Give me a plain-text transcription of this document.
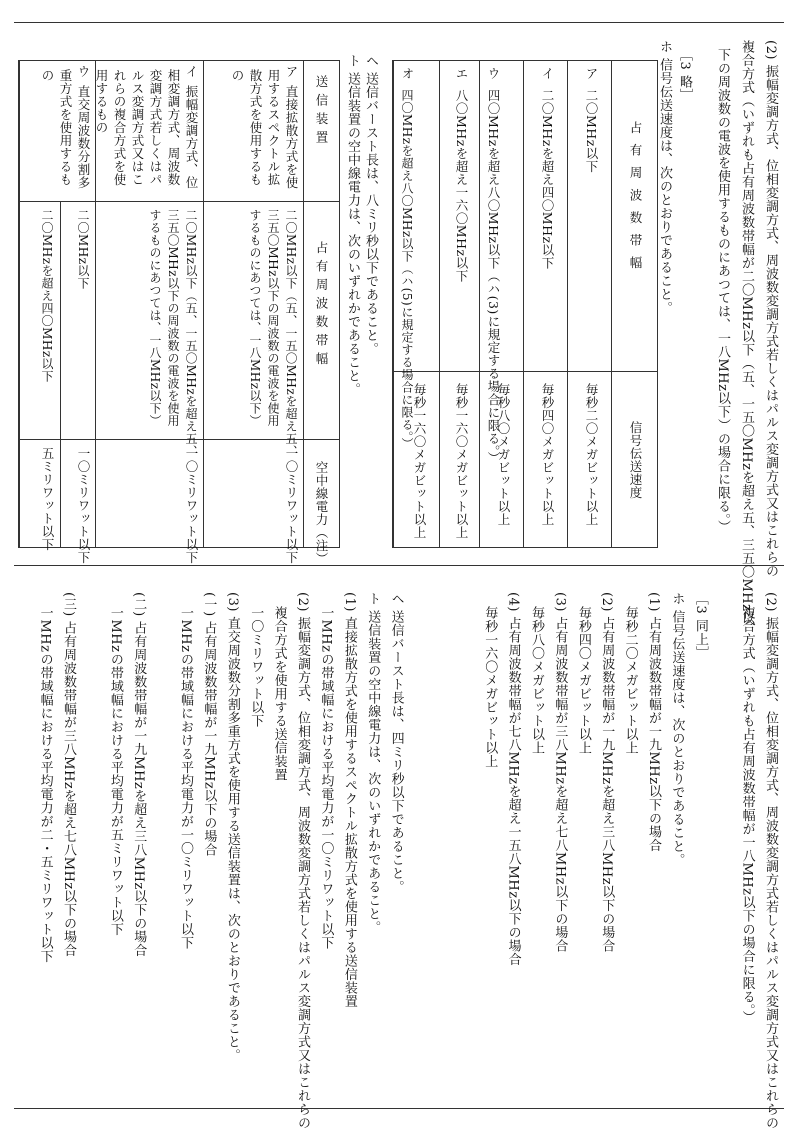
(2) 振幅変調方式、位相変調方式、周波数変調方式若しくはパルス変調方式又はこれらの
複合方式（いずれも占有周波数帯幅が二〇MHz以下（五、一五〇MHzを超え五、三五〇MHz以
下の周波数の電波を使用するものにあつては、一八MHz以下）の場合に限る。）
［3 略］
ホ 信号伝送速度は、次のとおりであること。
占有周波数帯幅
信号伝送速度
ア
二〇MHz以下
毎秒二〇メガビット以上
イ
二〇MHzを超え四〇MHz以下
毎秒四〇メガビット以上
ウ
四〇MHzを超え八〇MHz以下（ハ(3)に規定する場合に限る。）
毎秒八〇メガビット以上
エ
八〇MHzを超え一六〇MHz以下
毎秒一六〇メガビット以上
オ
四〇MHzを超え八〇MHz以下（ハ(5)に規定する場合に限る。）
毎秒一六〇メガビット以上
ヘ 送信バースト長は、八ミリ秒以下であること。
ト 送信装置の空中線電力は、次のいずれかであること。
送信装置
占有周波数帯幅
空中線電力（注）
ア
直接拡散方式を使
用するスペクトル拡
散方式を使用するも
の
二〇MHz以下（五、一五〇MHzを超え五、
三五〇MHz以下の周波数の電波を使用
するものにあつては、一八MHz以下）
一〇ミリワット以下
イ
振幅変調方式、位
相変調方式、周波数
変調方式若しくはパ
ルス変調方式又はこ
れらの複合方式を使
用するもの
二〇MHz以下（五、一五〇MHzを超え五、
三五〇MHz以下の周波数の電波を使用
するものにあつては、一八MHz以下）
一〇ミリワット以下
ウ
直交周波数分割多
重方式を使用するも
の
二〇MHz以下
一〇ミリワット以下
二〇MHzを超え四〇MHz以下
五ミリワット以下
(2) 振幅変調方式、位相変調方式、周波数変調方式若しくはパルス変調方式又はこれらの
複合方式（いずれも占有周波数帯幅が一八MHz以下の場合に限る。）
［3 同上］
ホ 信号伝送速度は、次のとおりであること。
(1) 占有周波数帯幅が一九MHz以下の場合
毎秒二〇メガビット以上
(2) 占有周波数帯幅が一九MHzを超え三八MHz以下の場合
毎秒四〇メガビット以上
(3) 占有周波数帯幅が三八MHzを超え七八MHz以下の場合
毎秒八〇メガビット以上
(4) 占有周波数帯幅が七八MHzを超え一五八MHz以下の場合
毎秒一六〇メガビット以上
ヘ 送信バースト長は、四ミリ秒以下であること。
ト 送信装置の空中線電力は、次のいずれかであること。
(1) 直接拡散方式を使用するスペクトル拡散方式を使用する送信装置
一MHzの帯域幅における平均電力が一〇ミリワット以下
(2) 振幅変調方式、位相変調方式、周波数変調方式若しくはパルス変調方式又はこれらの
複合方式を使用する送信装置
一〇ミリワット以下
(3) 直交周波数分割多重方式を使用する送信装置は、次のとおりであること。
(一) 占有周波数帯幅が一九MHz以下の場合
一MHzの帯域幅における平均電力が一〇ミリワット以下
(二) 占有周波数帯幅が一九MHzを超え三八MHz以下の場合
一MHzの帯域幅における平均電力が五ミリワット以下
(三) 占有周波数帯幅が三八MHzを超え七八MHz以下の場合
一MHzの帯域幅における平均電力が二・五ミリワット以下
